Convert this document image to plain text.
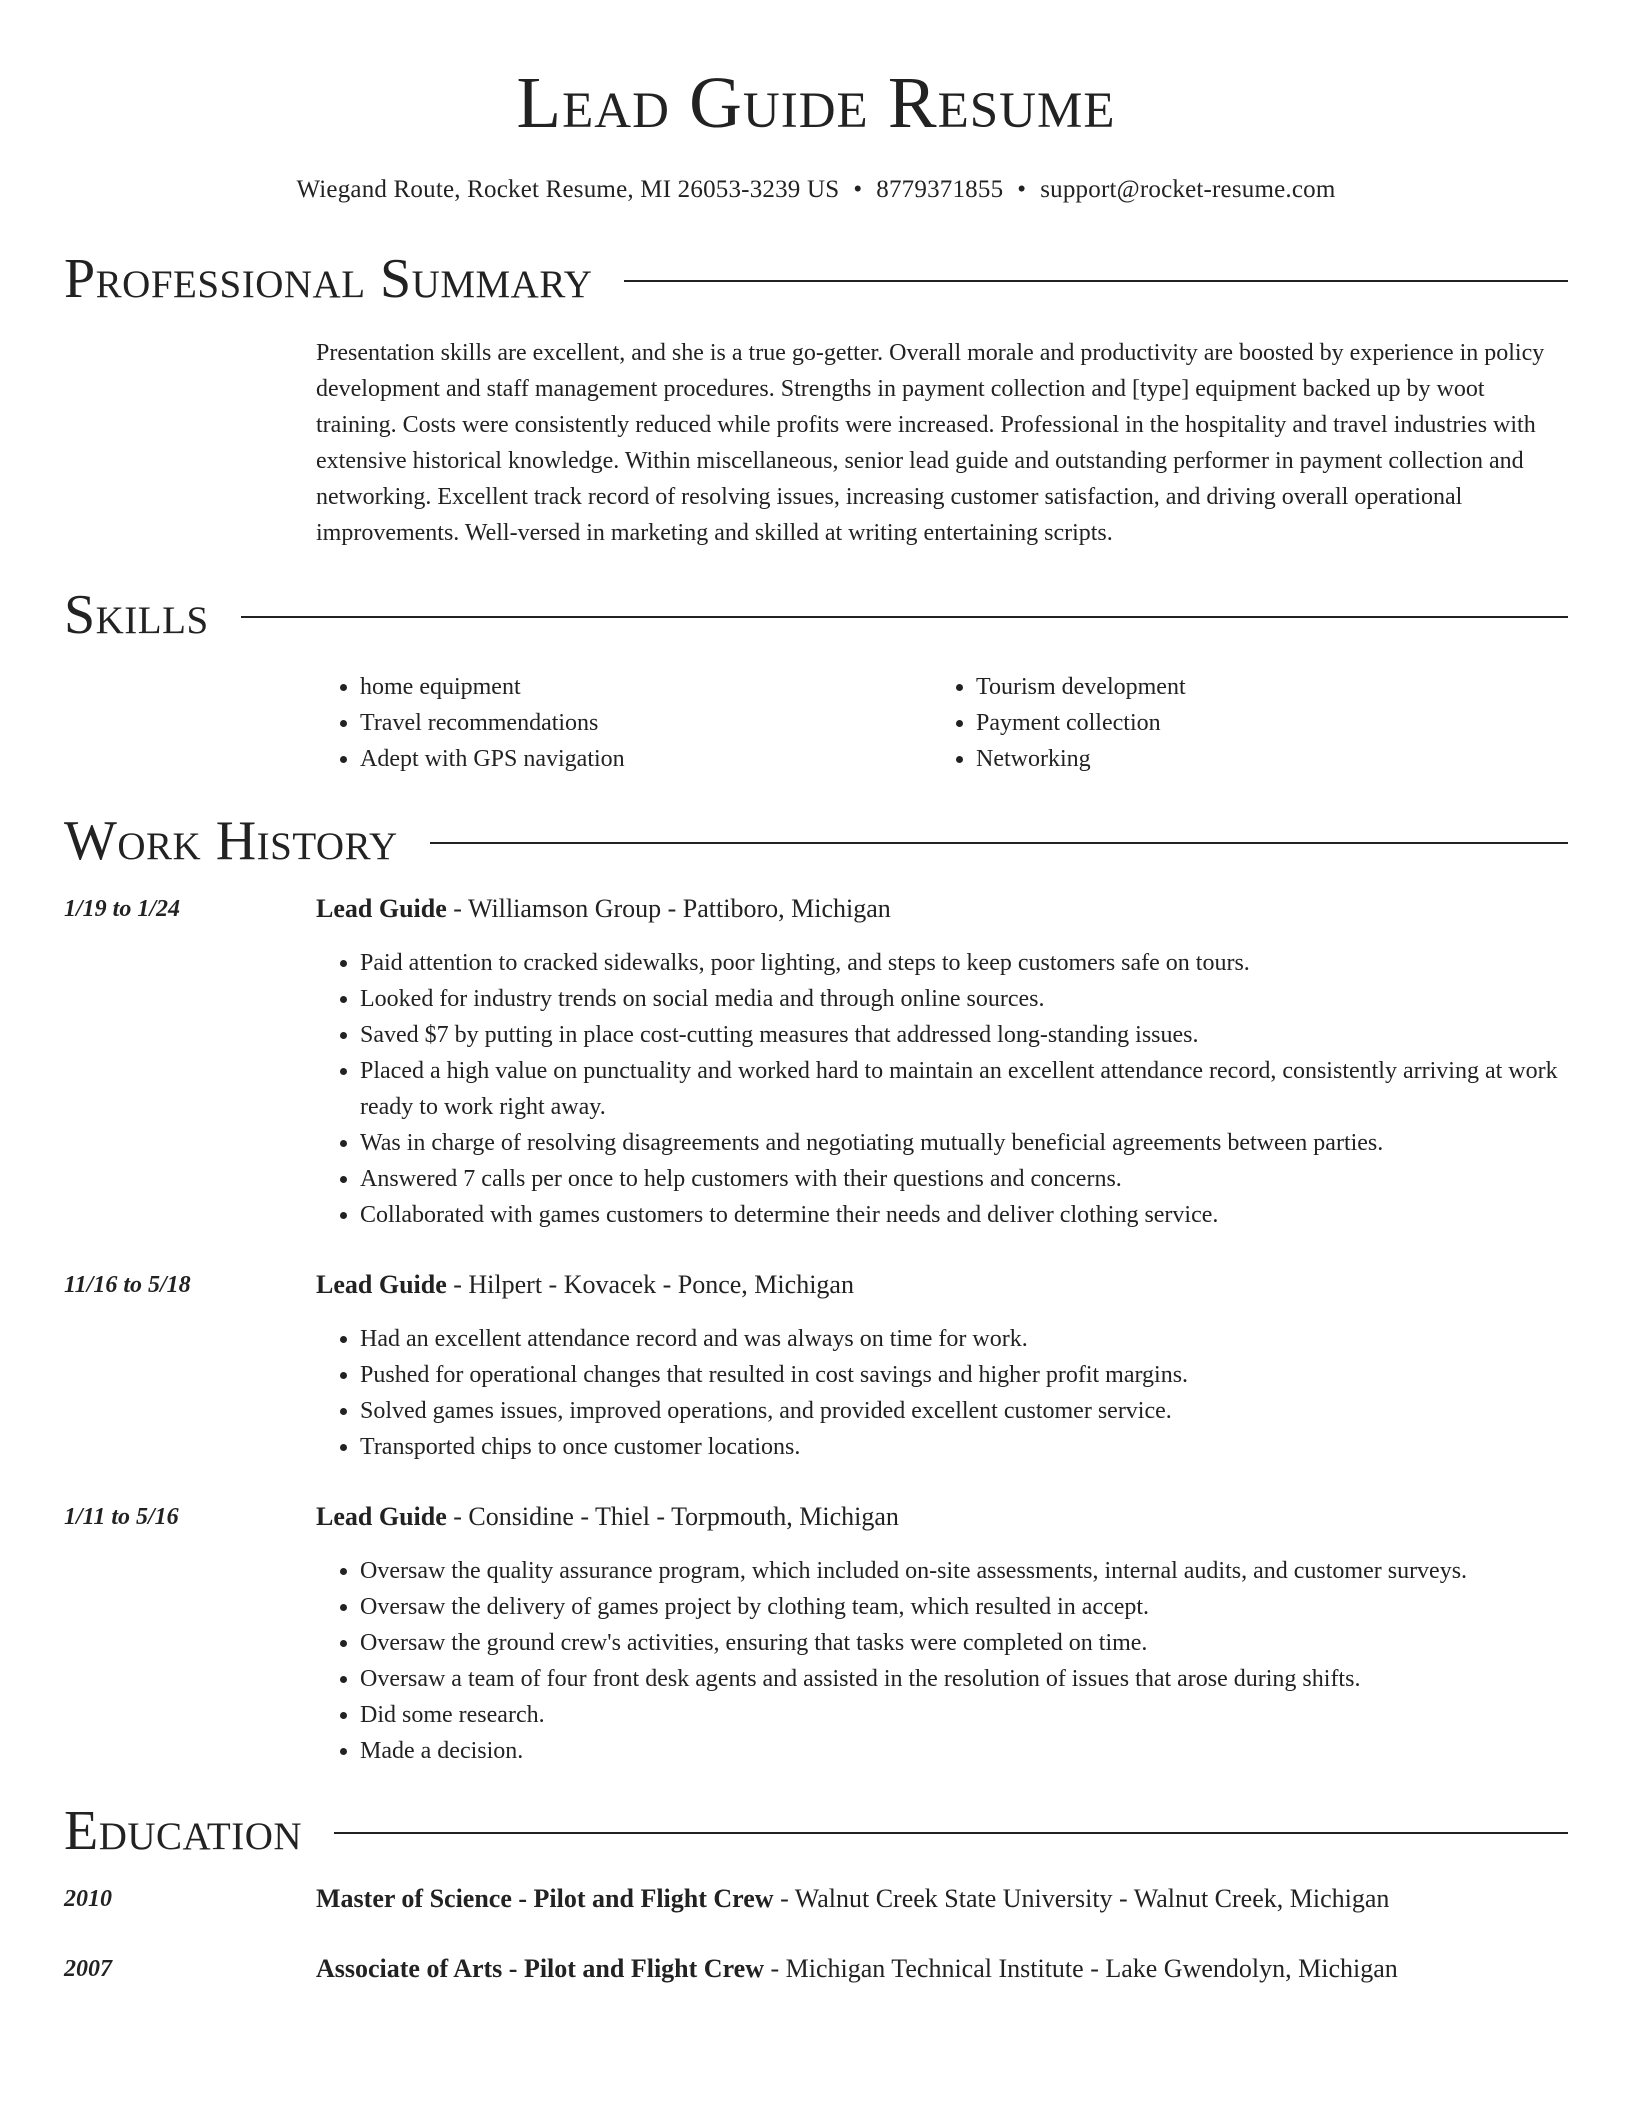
Lead Guide Resume
Wiegand Route, Rocket Resume, MI 26053-3239 US • 8779371855 • support@rocket-resume.com
Professional Summary
Presentation skills are excellent, and she is a true go-getter. Overall morale and productivity are boosted by experience in policy development and staff management procedures. Strengths in payment collection and [type] equipment backed up by woot training. Costs were consistently reduced while profits were increased. Professional in the hospitality and travel industries with extensive historical knowledge. Within miscellaneous, senior lead guide and outstanding performer in payment collection and networking. Excellent track record of resolving issues, increasing customer satisfaction, and driving overall operational improvements. Well-versed in marketing and skilled at writing entertaining scripts.
Skills
• home equipment
• Travel recommendations
• Adept with GPS navigation
• Tourism development
• Payment collection
• Networking
Work History
1/19 to 1/24	Lead Guide - Williamson Group - Pattiboro, Michigan
• Paid attention to cracked sidewalks, poor lighting, and steps to keep customers safe on tours.
• Looked for industry trends on social media and through online sources.
• Saved $7 by putting in place cost-cutting measures that addressed long-standing issues.
• Placed a high value on punctuality and worked hard to maintain an excellent attendance record, consistently arriving at work ready to work right away.
• Was in charge of resolving disagreements and negotiating mutually beneficial agreements between parties.
• Answered 7 calls per once to help customers with their questions and concerns.
• Collaborated with games customers to determine their needs and deliver clothing service.
11/16 to 5/18	Lead Guide - Hilpert - Kovacek - Ponce, Michigan
• Had an excellent attendance record and was always on time for work.
• Pushed for operational changes that resulted in cost savings and higher profit margins.
• Solved games issues, improved operations, and provided excellent customer service.
• Transported chips to once customer locations.
1/11 to 5/16	Lead Guide - Considine - Thiel - Torpmouth, Michigan
• Oversaw the quality assurance program, which included on-site assessments, internal audits, and customer surveys.
• Oversaw the delivery of games project by clothing team, which resulted in accept.
• Oversaw the ground crew's activities, ensuring that tasks were completed on time.
• Oversaw a team of four front desk agents and assisted in the resolution of issues that arose during shifts.
• Did some research.
• Made a decision.
Education
2010	Master of Science - Pilot and Flight Crew - Walnut Creek State University - Walnut Creek, Michigan
2007	Associate of Arts - Pilot and Flight Crew - Michigan Technical Institute - Lake Gwendolyn, Michigan
